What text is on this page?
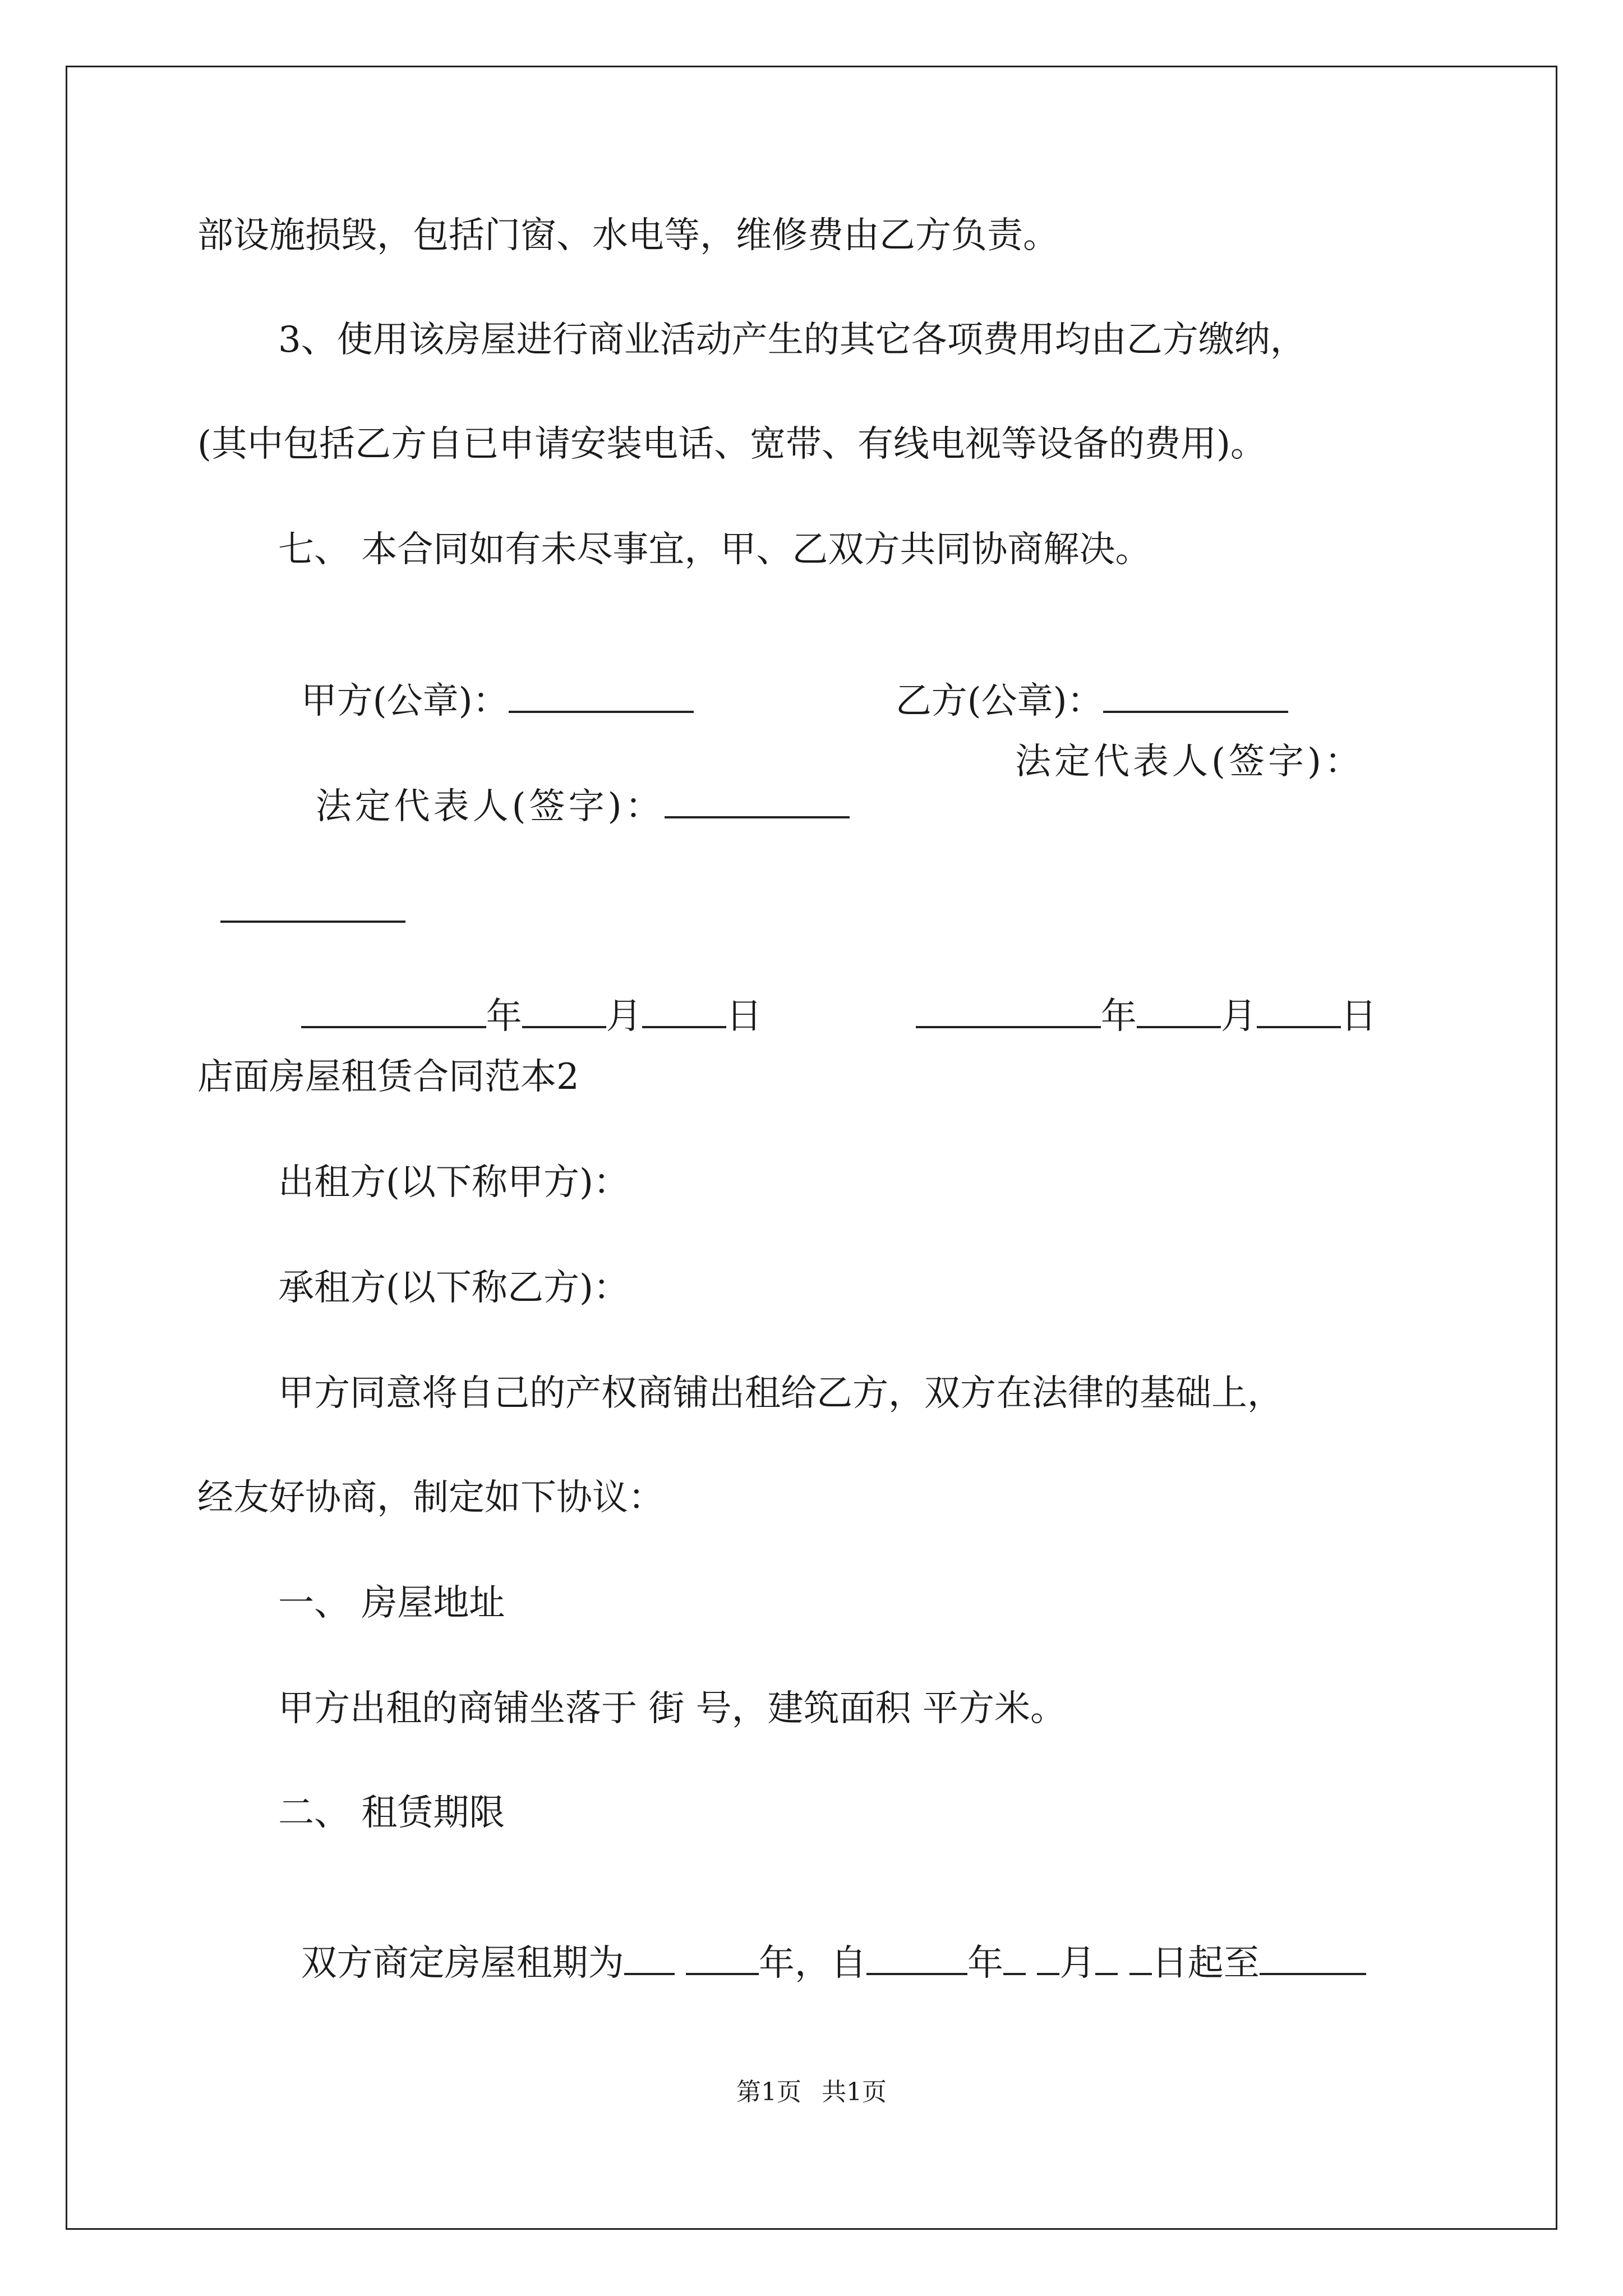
部设施损毁，包括门窗、水电等，维修费由乙方负责。
3、使用该房屋进行商业活动产生的其它各项费用均由乙方缴纳，
(其中包括乙方自已申请安装电话、宽带、有线电视等设备的费用)。
七、 本合同如有未尽事宜，甲、乙双方共同协商解决。

甲方(公章)：	乙方(公章)：

法定代表人(签字)：

法定代表人(签字)：

年 月 日	年 月 日

店面房屋租赁合同范本2
出租方(以下称甲方)：
承租方(以下称乙方)：
甲方同意将自己的产权商铺出租给乙方，双方在法律的基础上，
经友好协商，制定如下协议：
一、 房屋地址
甲方出租的商铺坐落于 街 号，建筑面积 平方米。
二、 租赁期限

双方商定房屋租期为	年，自	年 月 日起至

第1页 共1页
